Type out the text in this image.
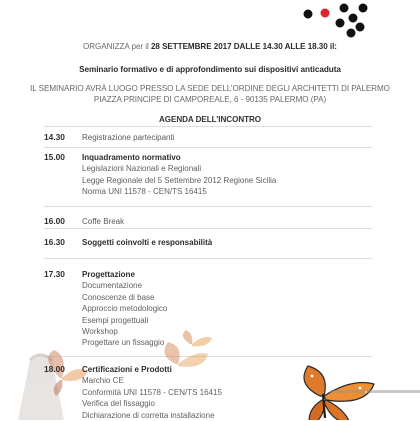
ORGANIZZA per il 28 SETTEMBRE 2017 DALLE 14.30 ALLE 18.30 il:
Seminario formativo e di approfondimento sui dispositivi anticaduta
IL SEMINARIO AVRÀ LUOGO PRESSO LA SEDE DELL’ORDINE DEGLI ARCHITETTI DI PALERMO
PIAZZA PRINCIPE DI CAMPOREALE, 6 - 90135 PALERMO (PA)
AGENDA DELL’INCONTRO
14.30 Registrazione partecipanti
15.00 Inquadramento normativo
Legislazioni Nazionali e Regionali
Legge Regionale del 5 Settembre 2012 Regione Sicilia
Norma UNI 11578 - CEN/TS 16415
16.00 Coffe Break
16.30 Soggetti coinvolti e responsabilità
17.30 Progettazione
Documentazione
Conoscenze di base
Approccio metodologico
Esempi progettuali
Workshop
Progettare un fissaggio
18.00 Certificazioni e Prodotti
Marchio CE
Conformità UNI 11578 - CEN/TS 16415
Verifica del fissaggio
Dichiarazione di corretta installazione
